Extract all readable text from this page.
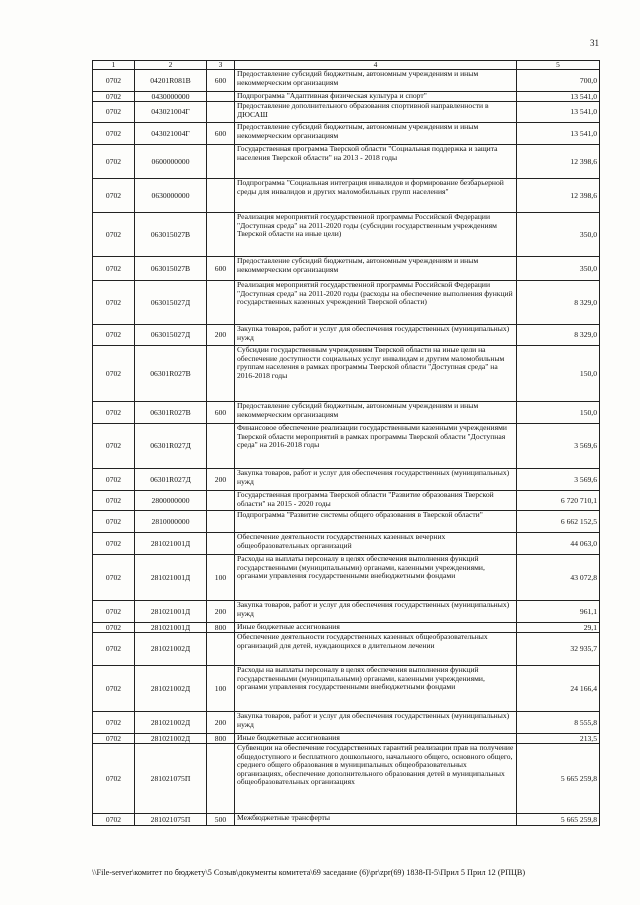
31
1	2	3	4	5
0702	04201R081В	600	Предоставление субсидий бюджетным, автономным учреждениям и иным некоммерческим организациям	700,0
0702	0430000000		Подпрограмма "Адаптивная физическая культура и спорт"	13 541,0
0702	043021004Г		Предоставление дополнительного образования спортивной направленности в ДЮСАШ	13 541,0
0702	043021004Г	600	Предоставление субсидий бюджетным, автономным учреждениям и иным некоммерческим организациям	13 541,0
0702	0600000000		Государственная программа Тверской области "Социальная поддержка и защита населения Тверской области" на 2013 - 2018 годы	12 398,6
0702	0630000000		Подпрограмма "Социальная интеграция инвалидов и формирование безбарьерной среды для инвалидов и других маломобильных групп населения"	12 398,6
0702	063015027В		Реализация мероприятий государственной программы Российской Федерации "Доступная среда" на 2011-2020 годы (субсидии государственным учреждениям Тверской области на иные цели)	350,0
0702	063015027В	600	Предоставление субсидий бюджетным, автономным учреждениям и иным некоммерческим организациям	350,0
0702	063015027Д		Реализация мероприятий государственной программы Российской Федерации "Доступная среда" на 2011-2020 годы (расходы на обеспечение выполнения функций государственных казенных учреждений Тверской области)	8 329,0
0702	063015027Д	200	Закупка товаров, работ и услуг для обеспечения государственных (муниципальных) нужд	8 329,0
0702	06301R027В		Субсидии государственным учреждениям Тверской области на иные цели на обеспечение доступности социальных услуг инвалидам и другим маломобильным группам населения в рамках программы Тверской области "Доступная среда" на 2016-2018 годы	150,0
0702	06301R027В	600	Предоставление субсидий бюджетным, автономным учреждениям и иным некоммерческим организациям	150,0
0702	06301R027Д		Финансовое обеспечение реализации государственными казенными учреждениями Тверской области мероприятий в рамках программы Тверской области "Доступная среда" на 2016-2018 годы	3 569,6
0702	06301R027Д	200	Закупка товаров, работ и услуг для обеспечения государственных (муниципальных) нужд	3 569,6
0702	2800000000		Государственная программа Тверской области "Развитие образования Тверской области" на 2015 - 2020 годы	6 720 710,1
0702	2810000000		Подпрограмма "Развитие системы общего образования в Тверской области"	6 662 152,5
0702	281021001Д		Обеспечение деятельности государственных казенных вечерних общеобразовательных организаций	44 063,0
0702	281021001Д	100	Расходы на выплаты персоналу в целях обеспечения выполнения функций государственными (муниципальными) органами, казенными учреждениями, органами управления государственными внебюджетными фондами	43 072,8
0702	281021001Д	200	Закупка товаров, работ и услуг для обеспечения государственных (муниципальных) нужд	961,1
0702	281021001Д	800	Иные бюджетные ассигнования	29,1
0702	281021002Д		Обеспечение деятельности государственных казенных общеобразовательных организаций для детей, нуждающихся в длительном лечении	32 935,7
0702	281021002Д	100	Расходы на выплаты персоналу в целях обеспечения выполнения функций государственными (муниципальными) органами, казенными учреждениями, органами управления государственными внебюджетными фондами	24 166,4
0702	281021002Д	200	Закупка товаров, работ и услуг для обеспечения государственных (муниципальных) нужд	8 555,8
0702	281021002Д	800	Иные бюджетные ассигнования	213,5
0702	281021075П		Субвенции на обеспечение государственных гарантий реализации прав на получение общедоступного и бесплатного дошкольного, начального общего, основного общего, среднего общего образования в муниципальных общеобразовательных организациях, обеспечение дополнительного образования детей в муниципальных общеобразовательных организациях	5 665 259,8
0702	281021075П	500	Межбюджетные трансферты	5 665 259,8
\\File-server\комитет по бюджету\5 Созыв\документы комитета\69 заседание (6)\pr\zpr(69) 1838-П-5\Прил 5 Прил 12 (РПЦВ)
